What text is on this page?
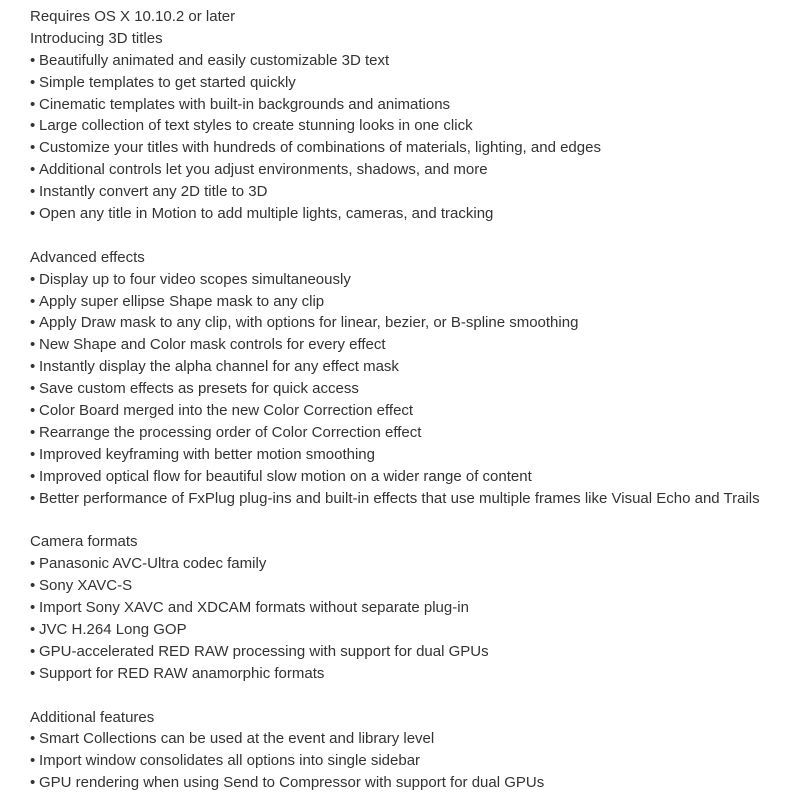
Requires OS X 10.10.2 or later
Introducing 3D titles
• Beautifully animated and easily customizable 3D text
• Simple templates to get started quickly
• Cinematic templates with built-in backgrounds and animations
• Large collection of text styles to create stunning looks in one click
• Customize your titles with hundreds of combinations of materials, lighting, and edges
• Additional controls let you adjust environments, shadows, and more
• Instantly convert any 2D title to 3D
• Open any title in Motion to add multiple lights, cameras, and tracking
Advanced effects
• Display up to four video scopes simultaneously
• Apply super ellipse Shape mask to any clip
• Apply Draw mask to any clip, with options for linear, bezier, or B-spline smoothing
• New Shape and Color mask controls for every effect
• Instantly display the alpha channel for any effect mask
• Save custom effects as presets for quick access
• Color Board merged into the new Color Correction effect
• Rearrange the processing order of Color Correction effect
• Improved keyframing with better motion smoothing
• Improved optical flow for beautiful slow motion on a wider range of content
• Better performance of FxPlug plug-ins and built-in effects that use multiple frames like Visual Echo and Trails
Camera formats
• Panasonic AVC-Ultra codec family
• Sony XAVC-S
• Import Sony XAVC and XDCAM formats without separate plug-in
• JVC H.264 Long GOP
• GPU-accelerated RED RAW processing with support for dual GPUs
• Support for RED RAW anamorphic formats
Additional features
• Smart Collections can be used at the event and library level
• Import window consolidates all options into single sidebar
• GPU rendering when using Send to Compressor with support for dual GPUs
